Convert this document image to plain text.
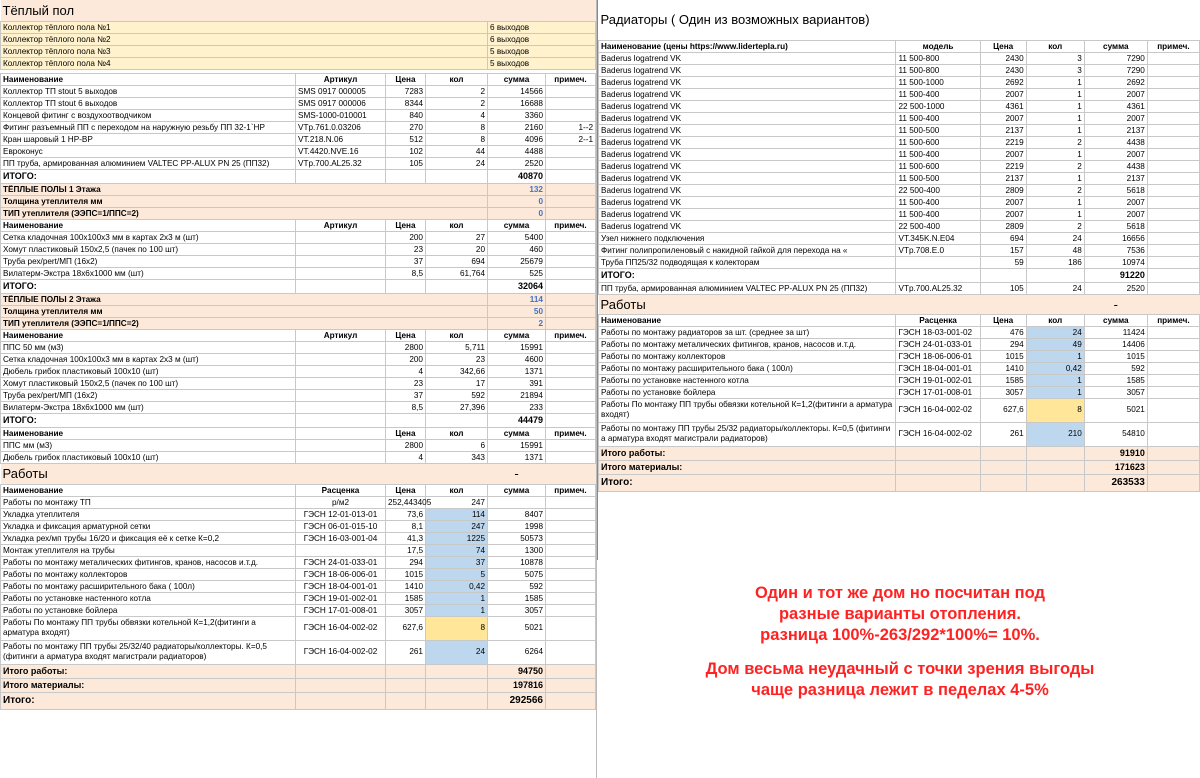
Тёплый пол					
Коллектор тёплого пола №1				6 выходов	
Коллектор тёплого пола №2				6 выходов	
Коллектор тёплого пола №3				5 выходов	
Коллектор тёплого пола №4				5 выходов	

Наименование	Артикул	Цена	кол	сумма	примеч.
Коллектор ТП stout 5 выходов	SMS 0917 000005	7283	2	14566	
Коллектор ТП stout 6 выходов	SMS 0917 000006	8344	2	16688	
Концевой фитинг с воздухоотводчиком	SMS-1000-010001	840	4	3360	
Фитинг разъемный ПП с переходом на наружную резьбу ПП 32-1`НР	VTp.761.0.03206	270	8	2160	1--2
Кран шаровый 1 НР-ВР	VT.218.N.06	512	8	4096	2--1
Евроконус	VT.4420.NVE.16	102	44	4488	
ПП труба, армированная алюминием VALTEC PP-ALUX PN 25 (ПП32)	VTp.700.AL25.32	105	24	2520	
ИТОГО:				40870	
ТЁПЛЫЕ ПОЛЫ 1 Этажа				132	
Толщина утеплителя мм				0	
ТИП утеплителя (ЭЭПС=1/ППС=2)				0	
Наименование	Артикул	Цена	кол	сумма	примеч.
Сетка кладочная 100х100х3 мм в картах 2х3 м (шт)		200	27	5400	
Хомут пластиковый 150х2,5 (пачек по 100 шт)		23	20	460	
Труба рех/pert/МП (16х2)		37	694	25679	
Вилатерм-Экстра 18х6х1000 мм (шт)		8,5	61,764	525	
ИТОГО:				32064	
ТЁПЛЫЕ ПОЛЫ 2 Этажа				114	
Толщина утеплителя мм				50	
ТИП утеплителя (ЭЭПС=1/ППС=2)				2	
Наименование	Артикул	Цена	кол	сумма	примеч.
ППС 50 мм (м3)		2800	5,711	15991	
Сетка кладочная 100х100х3 мм в картах 2х3 м (шт)		200	23	4600	
Дюбель грибок пластиковый 100х10 (шт)		4	342,66	1371	
Хомут пластиковый 150х2,5 (пачек по 100 шт)		23	17	391	
Труба рех/pert/МП (16х2)		37	592	21894	
Вилатерм-Экстра 18х6х1000 мм (шт)		8,5	27,396	233	
ИТОГО:				44479	
Наименование		Цена	кол	сумма	примеч.
ППС мм (м3)		2800	6	15991	
Дюбель грибок пластиковый 100х10 (шт)		4	343	1371	
Работы				-	
Наименование	Расценка	Цена	кол	сумма	примеч.
Работы по монтажу ТП	р/м2	252,443405	247		
Укладка утеплителя	ГЭСН 12-01-013-01	73,6	114	8407	
Укладка и фиксация арматурной сетки	ГЭСН 06-01-015-10	8,1	247	1998	
Укладка рех/мп трубы 16/20 и фиксация её к сетке К=0,2	ГЭСН 16-03-001-04	41,3	1225	50573	
Монтаж утеплителя на трубы		17,5	74	1300	
Работы по монтажу металических фитингов, кранов, насосов и.т.д.	ГЭСН 24-01-033-01	294	37	10878	
Работы по монтажу коллекторов	ГЭСН 18-06-006-01	1015	5	5075	
Работы по монтажу расширительного бака ( 100л)	ГЭСН 18-04-001-01	1410	0,42	592	
Работы по установке настенного котла	ГЭСН 19-01-002-01	1585	1	1585	
Работы по установке бойлера	ГЭСН 17-01-008-01	3057	1	3057	
Работы По монтажу ПП трубы обвязки котельной К=1,2(фитинги а арматура входят)	ГЭСН 16-04-002-02	627,6	8	5021	
Работы по монтажу ПП трубы 25/32/40 радиаторы/коллекторы. К=0,5 (фитинги а арматура входят магистрали радиаторов)	ГЭСН 16-04-002-02	261	24	6264	
Итого работы:				94750	
Итого материалы:				197816	
Итого:				292566	
Радиаторы ( Один из возможных вариантов)					
Наименование (цены https://www.lidertepla.ru)	модель	Цена	кол	сумма	примеч.
Baderus logatrend VK	11 500-800	2430	3	7290	
Baderus logatrend VK	11 500-800	2430	3	7290	
Baderus logatrend VK	11 500-1000	2692	1	2692	
Baderus logatrend VK	11 500-400	2007	1	2007	
Baderus logatrend VK	22 500-1000	4361	1	4361	
Baderus logatrend VK	11 500-400	2007	1	2007	
Baderus logatrend VK	11 500-500	2137	1	2137	
Baderus logatrend VK	11 500-600	2219	2	4438	
Baderus logatrend VK	11 500-400	2007	1	2007	
Baderus logatrend VK	11 500-600	2219	2	4438	
Baderus logatrend VK	11 500-500	2137	1	2137	
Baderus logatrend VK	22 500-400	2809	2	5618	
Baderus logatrend VK	11 500-400	2007	1	2007	
Baderus logatrend VK	11 500-400	2007	1	2007	
Baderus logatrend VK	22 500-400	2809	2	5618	
Узел нижнего подключения	VT.345K.N.E04	694	24	16656	
Фитинг полипропиленовый с накидной гайкой для перехода на «	VTp.708.E.0	157	48	7536	
Труба ПП25/32 подводящая к колекторам		59	186	10974	
ИТОГО:				91220	
ПП труба, армированная алюминием VALTEC PP-ALUX PN 25 (ПП32)	VTp.700.AL25.32	105	24	2520	
Работы				-	
Наименование	Расценка	Цена	кол	сумма	примеч.
Работы по монтажу радиаторов за шт. (среднее за шт)	ГЭСН 18-03-001-02	476	24	11424	
Работы по монтажу металических фитингов, кранов, насосов и.т.д.	ГЭСН 24-01-033-01	294	49	14406	
Работы по монтажу коллекторов	ГЭСН 18-06-006-01	1015	1	1015	
Работы по монтажу расширительного бака ( 100л)	ГЭСН 18-04-001-01	1410	0,42	592	
Работы по установке настенного котла	ГЭСН 19-01-002-01	1585	1	1585	
Работы по установке бойлера	ГЭСН 17-01-008-01	3057	1	3057	
Работы По монтажу ПП трубы обвязки котельной К=1,2(фитинги а арматура входят)	ГЭСН 16-04-002-02	627,6	8	5021	
Работы по монтажу ПП трубы 25/32 радиаторы/коллекторы. К=0,5 (фитинги а арматура входят магистрали радиаторов)	ГЭСН 16-04-002-02	261	210	54810	
Итого работы:				91910	
Итого материалы:				171623	
Итого:				263533	

Один и тот же дом но посчитан под

разные варианты отопления.

разница 100%-263/292*100%= 10%.

Дом весьма неудачный с точки зрения выгоды

чаще разница лежит в педелах 4-5%
